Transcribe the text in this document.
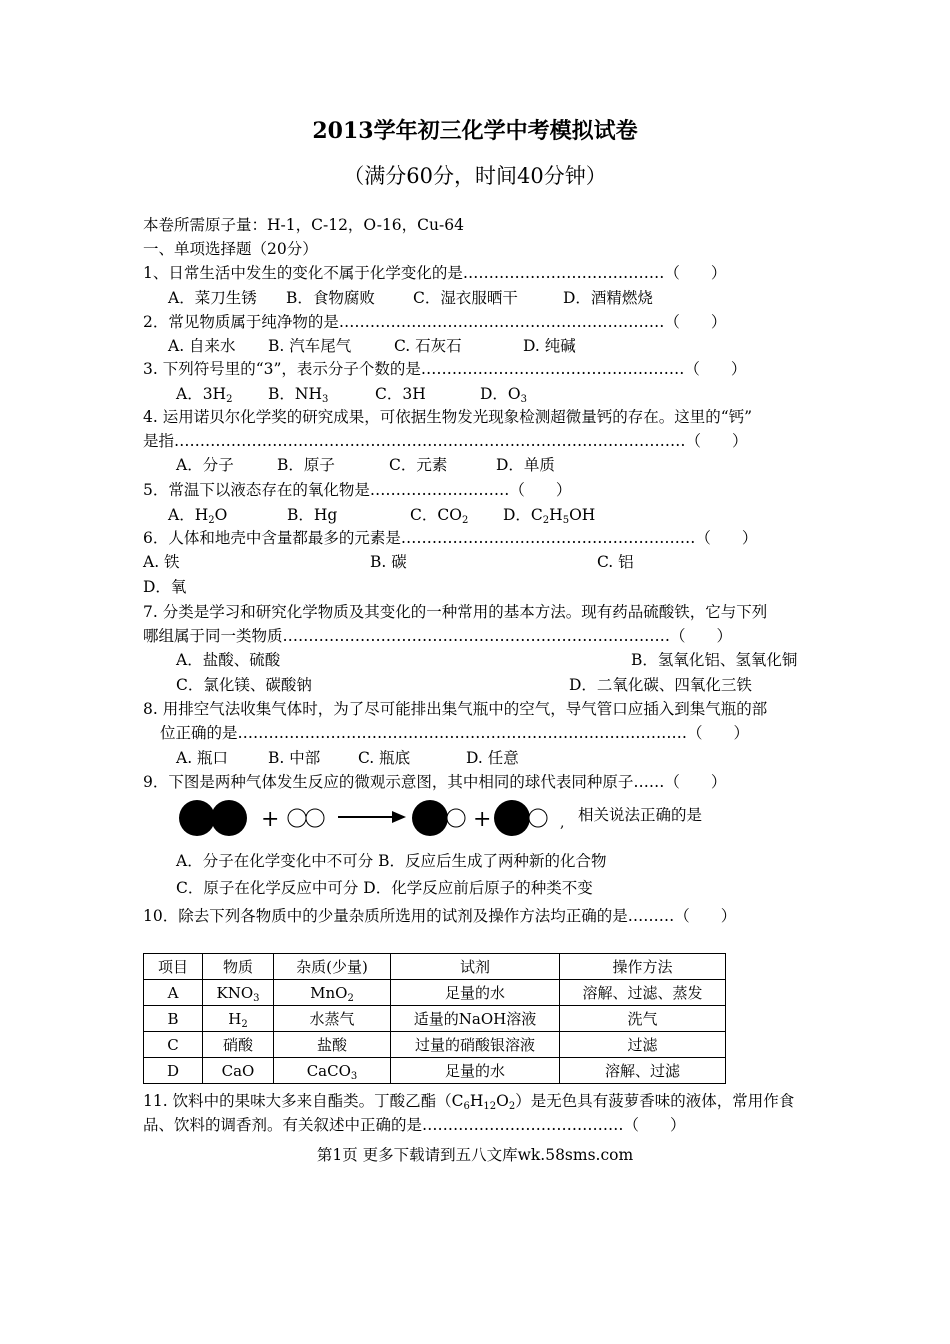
2013学年初三化学中考模拟试卷
（满分60分，时间40分钟）
本卷所需原子量：H-1，C-12，O-16，Cu-64
一、单项选择题（20分）
1、日常生活中发生的变化不属于化学变化的是…………………………………（　　）
A．菜刀生锈 B．食物腐败 C．湿衣服晒干	D．酒精燃烧
2．常见物质属于纯净物的是………………………………………………………（　　）
A. 自来水 B. 汽车尾气	C. 石灰石	D. 纯碱
3. 下列符号里的“3”，表示分子个数的是……………………………………………（　　）
A．$3H_2$ B．$NH_3$	C．3H	D．$O_3$
4. 运用诺贝尔化学奖的研究成果，可依据生物发光现象检测超微量钙的存在。这里的“钙”
是指………………………………………………………………………………………（　　）
A．分子	B．原子	C．元素	D．单质
5．常温下以液态存在的氧化物是………………………（　　）
A．$H_2O$	B．Hg	C．$CO_2$ D．$C_2H_5OH$
6．人体和地壳中含量都最多的元素是…………………………………………………（　　）
A. 铁	B. 碳	C. 铝
D．氧
7. 分类是学习和研究化学物质及其变化的一种常用的基本方法。现有药品硫酸铁，它与下列
哪组属于同一类物质…………………………………………………………………（　　）
A．盐酸、硫酸	B．氢氧化铝、氢氧化铜
C．氯化镁、碳酸钠	D．二氧化碳、四氧化三铁
8. 用排空气法收集气体时，为了尽可能排出集气瓶中的空气，导气管口应插入到集气瓶的部
位正确的是……………………………………………………………………………（　　）
A. 瓶口	B. 中部 C. 瓶底	D. 任意
9．下图是两种气体发生反应的微观示意图，其中相同的球代表同种原子……（　　）
+	+	, 相关说法正确的是
A．分子在化学变化中不可分 B．反应后生成了两种新的化合物
C．原子在化学反应中可分 D．化学反应前后原子的种类不变
10．除去下列各物质中的少量杂质所选用的试剂及操作方法均正确的是………（　　）
项目	物质	杂质(少量)	试剂	操作方法
A	$KNO_3$	MnO$_2$	足量的水	溶解、过滤、蒸发
B	$H_2$	水蒸气	适量的NaOH溶液	洗气
C	硝酸	盐酸	过量的硝酸银溶液	过滤
D	CaO	CaCO$_3$	足量的水	溶解、过滤
11. 饮料中的果味大多来自酯类。丁酸乙酯$(C_6H_{12}O_2)$是无色具有菠萝香味的液体，常用作食
品、饮料的调香剂。有关叙述中正确的是…………………………………（　　）
第1页 更多下载请到五八文库wk.58sms.com
